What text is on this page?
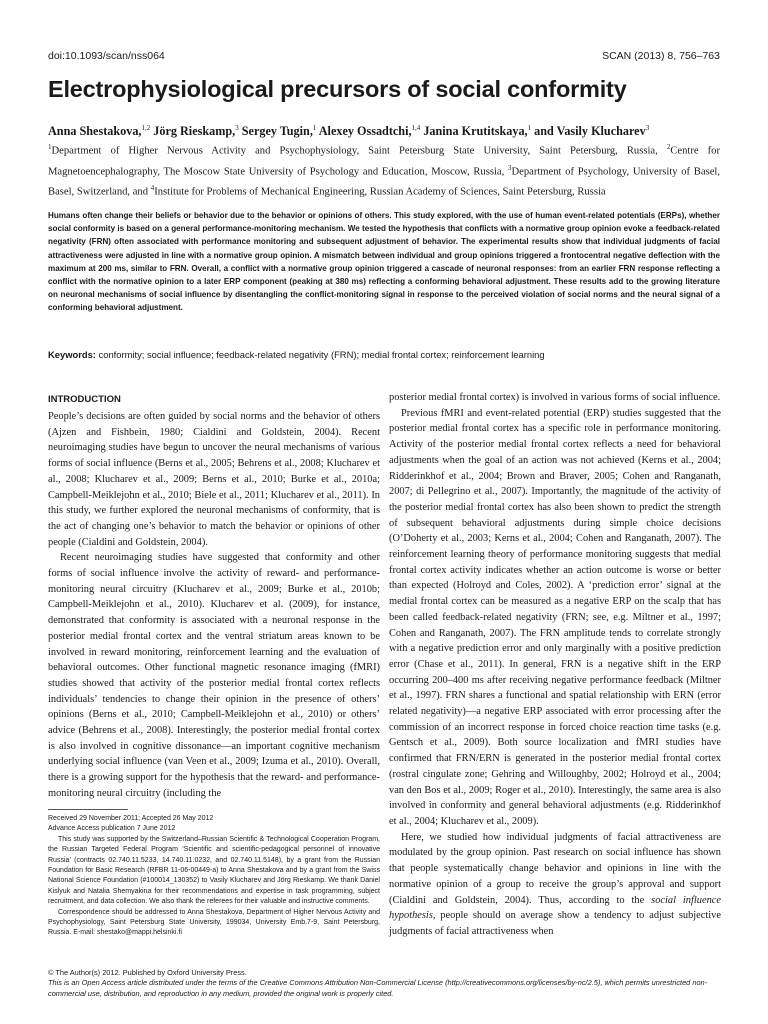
doi:10.1093/scan/nss064	SCAN (2013) 8, 756–763
Electrophysiological precursors of social conformity
Anna Shestakova,$^{1,2}$ Jörg Rieskamp,$^3$ Sergey Tugin,$^1$ Alexey Ossadtchi,$^{1,4}$ Janina Krutitskaya,$^1$ and Vasily Klucharev$^3$
$^1$Department of Higher Nervous Activity and Psychophysiology, Saint Petersburg State University, Saint Petersburg, Russia, $^2$Centre for Magnetoencephalography, The Moscow State University of Psychology and Education, Moscow, Russia, $^3$Department of Psychology, University of Basel, Basel, Switzerland, and $^4$Institute for Problems of Mechanical Engineering, Russian Academy of Sciences, Saint Petersburg, Russia
Humans often change their beliefs or behavior due to the behavior or opinions of others. This study explored, with the use of human event-related potentials (ERPs), whether social conformity is based on a general performance-monitoring mechanism. We tested the hypothesis that conflicts with a normative group opinion evoke a feedback-related negativity (FRN) often associated with performance monitoring and subsequent adjustment of behavior. The experimental results show that individual judgments of facial attractiveness were adjusted in line with a normative group opinion. A mismatch between individual and group opinions triggered a frontocentral negative deflection with the maximum at 200 ms, similar to FRN. Overall, a conflict with a normative group opinion triggered a cascade of neuronal responses: from an earlier FRN response reflecting a conflict with the normative opinion to a later ERP component (peaking at 380 ms) reflecting a conforming behavioral adjustment. These results add to the growing literature on neuronal mechanisms of social influence by disentangling the conflict-monitoring signal in response to the perceived violation of social norms and the neural signal of a conforming behavioral adjustment.
Keywords: conformity; social influence; feedback-related negativity (FRN); medial frontal cortex; reinforcement learning
INTRODUCTION

People’s decisions are often guided by social norms and the behavior of others (Ajzen and Fishbein, 1980; Cialdini and Goldstein, 2004). Recent neuroimaging studies have begun to uncover the neural mechanisms of various forms of social influence (Berns et al., 2005; Behrens et al., 2008; Klucharev et al., 2008; Klucharev et al., 2009; Berns et al., 2010; Burke et al., 2010a; Campbell-Meiklejohn et al., 2010; Biele et al., 2011; Klucharev et al., 2011). In this study, we further explored the neuronal mechanisms of conformity, that is the act of changing one’s behavior to match the behavior or opinions of other people (Cialdini and Goldstein, 2004).

Recent neuroimaging studies have suggested that conformity and other forms of social influence involve the activity of reward- and performance-monitoring neural circuitry (Klucharev et al., 2009; Burke et al., 2010b; Campbell-Meiklejohn et al., 2010). Klucharev et al. (2009), for instance, demonstrated that conformity is associated with a neuronal response in the posterior medial frontal cortex and the ventral striatum areas known to be involved in reward monitoring, reinforcement learning and the evaluation of behavioral outcomes. Other functional magnetic resonance imaging (fMRI) studies showed that activity of the posterior medial frontal cortex reflects individuals’ tendencies to change their opinion in the presence of others’ opinions (Berns et al., 2010; Campbell-Meiklejohn et al., 2010) or others’ advice (Behrens et al., 2008). Interestingly, the posterior medial frontal cortex is also involved in cognitive dissonance—an important cognitive mechanism underlying social influence (van Veen et al., 2009; Izuma et al., 2010). Overall, there is a growing support for the hypothesis that the reward- and performance-monitoring neural circuitry (including the

Received 29 November 2011; Accepted 26 May 2012

Advance Access publication 7 June 2012

This study was supported by the Switzerland–Russian Scientific & Technological Cooperation Program, the Russian Targeted Federal Program ‘Scientific and scientific-pedagogical personnel of innovative Russia’ (contracts 02.740.11.5233, 14.740.11.0232, and 02.740.11.5148), by a grant from the Russian Foundation for Basic Research (RFBR 11-06-00449-a) to Anna Shestakova and by a grant from the Swiss National Science Foundation (#100014_130352) to Vasily Klucharev and Jörg Rieskamp. We thank Daniel Kislyuk and Natalia Shemyakina for their recommendations and expertise in task programming, subject recruitment, and data collection. We also thank the referees for their valuable and instructive comments.

Correspondence should be addressed to Anna Shestakova, Department of Higher Nervous Activity and Psychophysiology, Saint Petersburg State University, 199034, University Emb.7-9, Saint Petersburg, Russia. E-mail: shestako@mappi.helsinki.fi

posterior medial frontal cortex) is involved in various forms of social influence.

Previous fMRI and event-related potential (ERP) studies suggested that the posterior medial frontal cortex has a specific role in performance monitoring. Activity of the posterior medial frontal cortex reflects a need for behavioral adjustments when the goal of an action was not achieved (Kerns et al., 2004; Ridderinkhof et al., 2004; Brown and Braver, 2005; Cohen and Ranganath, 2007; di Pellegrino et al., 2007). Importantly, the magnitude of the activity of the posterior medial frontal cortex has also been shown to predict the strength of subsequent behavioral adjustments during simple choice decisions (O’Doherty et al., 2003; Kerns et al., 2004; Cohen and Ranganath, 2007). The reinforcement learning theory of performance monitoring suggests that medial frontal cortex activity indicates whether an action outcome is worse or better than expected (Holroyd and Coles, 2002). A ‘prediction error’ signal at the medial frontal cortex can be measured as a negative ERP on the scalp that has been called feedback-related negativity (FRN; see, e.g. Miltner et al., 1997; Cohen and Ranganath, 2007). The FRN amplitude tends to correlate strongly with a negative prediction error and only marginally with a positive prediction error (Chase et al., 2011). In general, FRN is a negative shift in the ERP occurring 200–400 ms after receiving negative performance feedback (Miltner et al., 1997). FRN shares a functional and spatial relationship with ERN (error related negativity)—a negative ERP associated with error processing after the commission of an incorrect response in forced choice reaction time tasks (e.g. Gentsch et al., 2009). Both source localization and fMRI studies have confirmed that FRN/ERN is generated in the posterior medial frontal cortex (rostral cingulate zone; Gehring and Willoughby, 2002; Holroyd et al., 2004; van den Bos et al., 2009; Roger et al., 2010). Interestingly, the same area is also involved in conformity and general behavioral adjustments (e.g. Ridderinkhof et al., 2004; Klucharev et al., 2009).

Here, we studied how individual judgments of facial attractiveness are modulated by the group opinion. Past research on social influence has shown that people systematically change behavior and opinions in line with the normative opinion of a group to receive the group’s approval and support (Cialdini and Goldstein, 2004). Thus, according to the social influence hypothesis, people should on average show a tendency to adjust subjective judgments of facial attractiveness when

© The Author(s) 2012. Published by Oxford University Press.
This is an Open Access article distributed under the terms of the Creative Commons Attribution Non-Commercial License (http://creativecommons.org/licenses/by-nc/2.5), which permits unrestricted non-commercial use, distribution, and reproduction in any medium, provided the original work is properly cited.
